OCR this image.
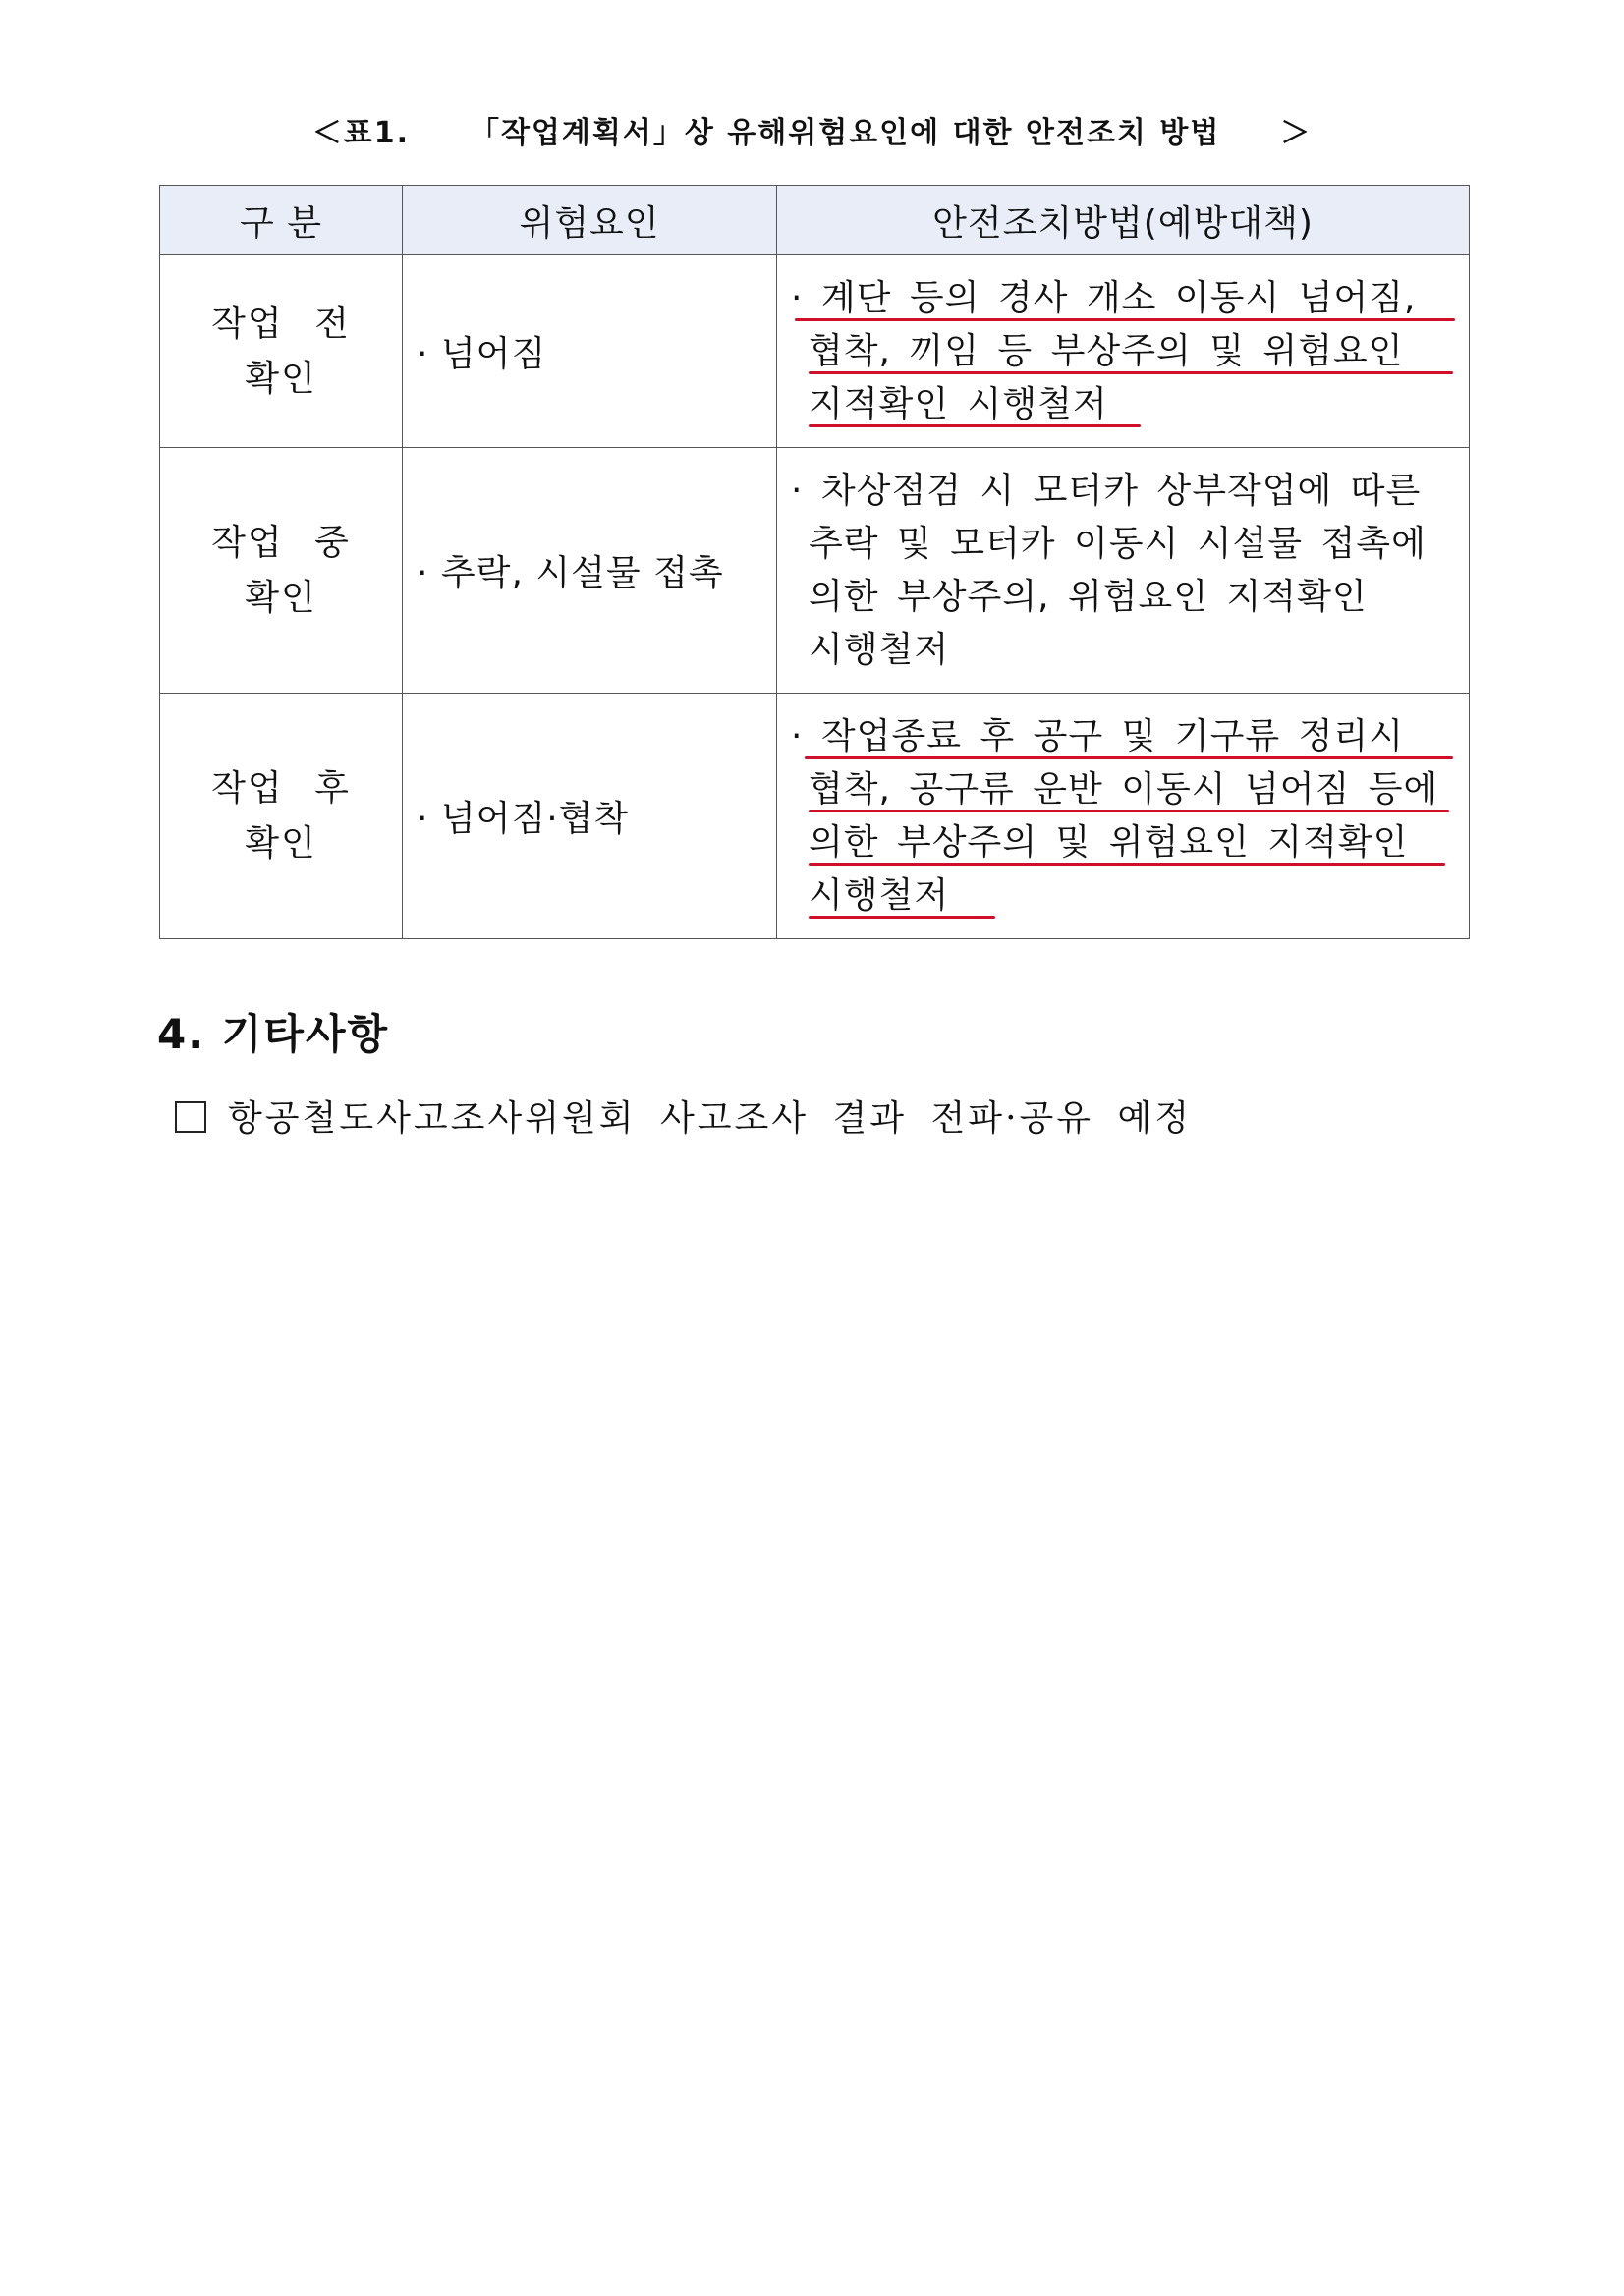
＜표1. 「작업계획서」상 유해위험요인에 대한 안전조치 방법 ＞
구 분	위험요인	안전조치방법(예방대책)

작업 전
확인	· 넘어짐	· 계단 등의 경사 개소 이동시 넘어짐,
협착, 끼임 등 부상주의 및 위험요인
지적확인 시행철저

작업 중
확인	· 추락, 시설물 접촉	· 차상점검 시 모터카 상부작업에 따른
추락 및 모터카 이동시 시설물 접촉에
의한 부상주의, 위험요인 지적확인
시행철저

작업 후
확인	· 넘어짐·협착	· 작업종료 후 공구 및 기구류 정리시
협착, 공구류 운반 이동시 넘어짐 등에
의한 부상주의 및 위험요인 지적확인
시행철저
4. 기타사항
항공철도사고조사위원회 사고조사 결과 전파·공유 예정
